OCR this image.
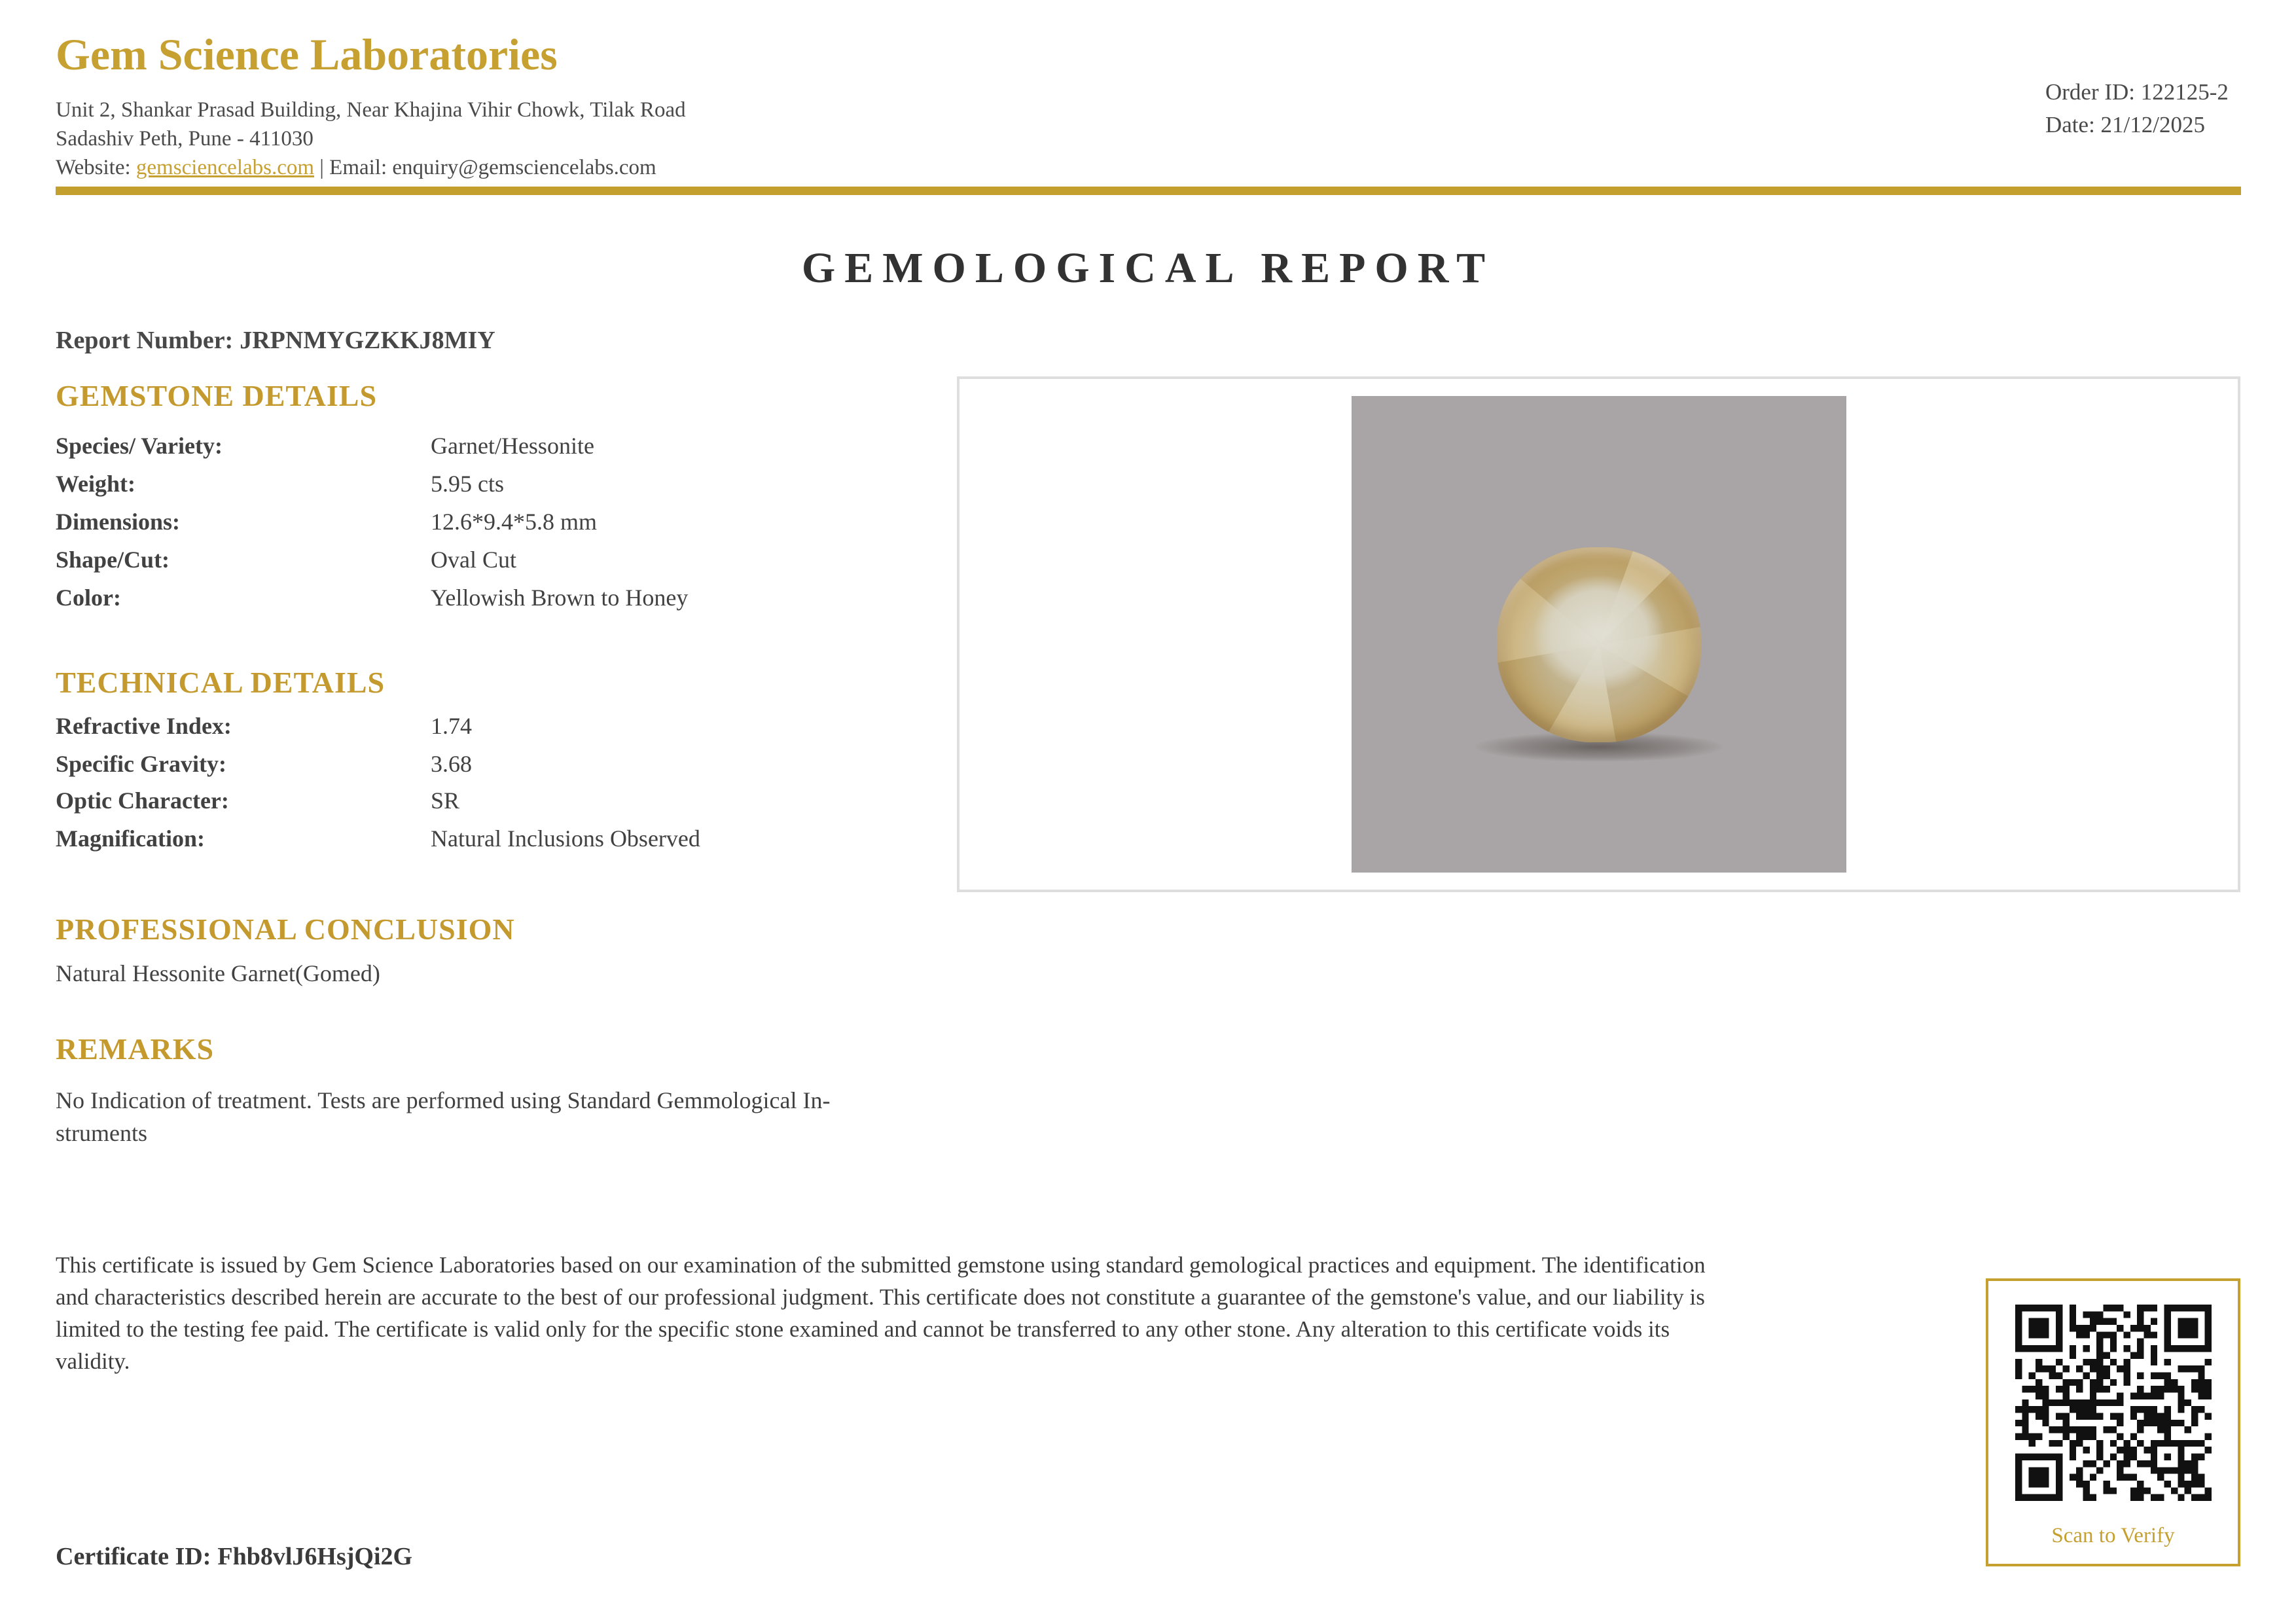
Gem Science Laboratories
Unit 2, Shankar Prasad Building, Near Khajina Vihir Chowk, Tilak Road
Sadashiv Peth, Pune - 411030
Website: gemsciencelabs.com | Email: enquiry@gemsciencelabs.com
Order ID: 122125-2
Date: 21/12/2025
GEMOLOGICAL REPORT
Report Number: JRPNMYGZKKJ8MIY
GEMSTONE DETAILS
Species/ Variety:	Garnet/Hessonite
Weight:	5.95 cts
Dimensions:	12.6*9.4*5.8 mm
Shape/Cut:	Oval Cut
Color:	Yellowish Brown to Honey
TECHNICAL DETAILS
Refractive Index:	1.74
Specific Gravity:	3.68
Optic Character:	SR
Magnification:	Natural Inclusions Observed
PROFESSIONAL CONCLUSION
Natural Hessonite Garnet(Gomed)
REMARKS
No Indication of treatment. Tests are performed using Standard Gemmological In-
struments
This certificate is issued by Gem Science Laboratories based on our examination of the submitted gemstone using standard gemological practices and equipment. The identification and characteristics described herein are accurate to the best of our professional judgment. This certificate does not constitute a guarantee of the gemstone's value, and our liability is limited to the testing fee paid. The certificate is valid only for the specific stone examined and cannot be transferred to any other stone. Any alteration to this certificate voids its validity.
Certificate ID: Fhb8vlJ6HsjQi2G
Scan to Verify
